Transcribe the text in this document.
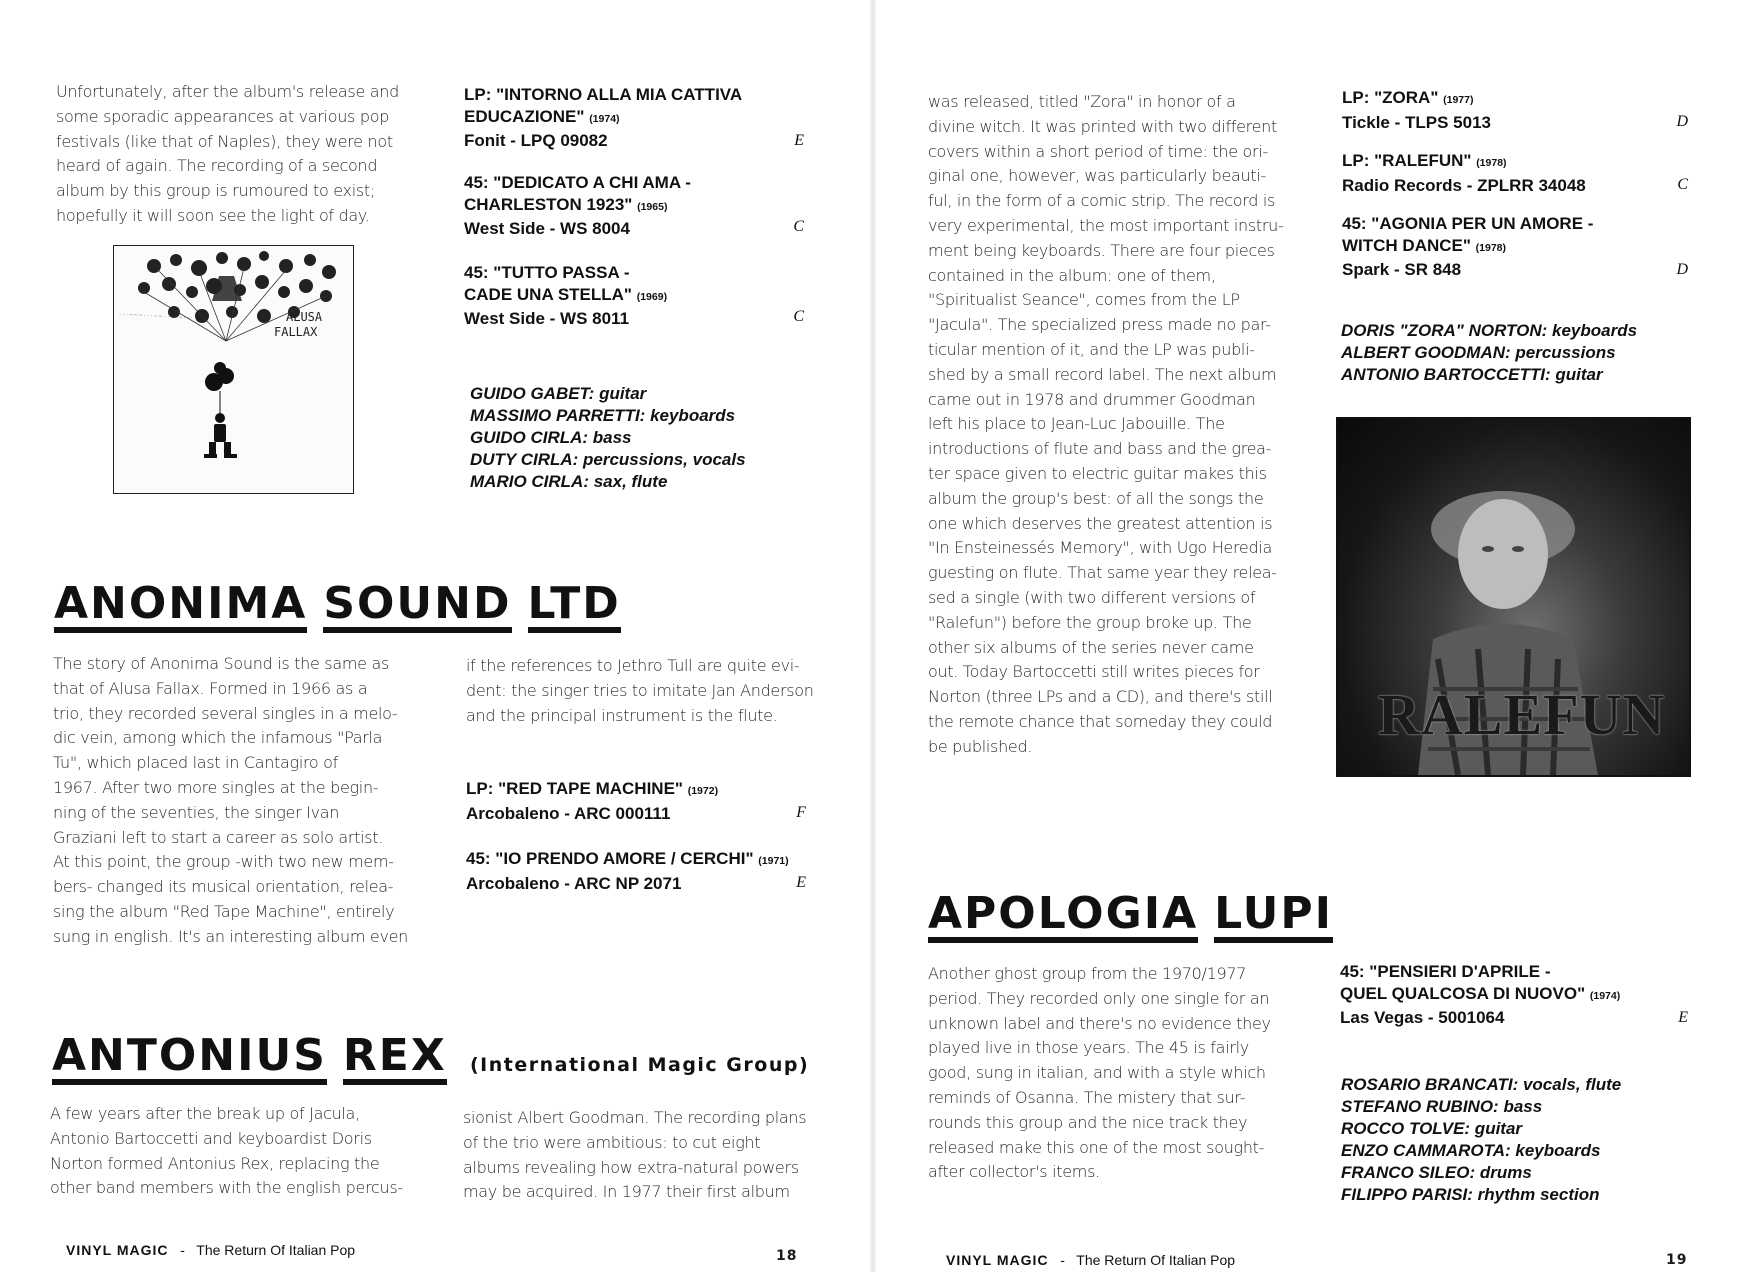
Unfortunately, after the album's release and

some sporadic appearances at various pop

festivals (like that of Naples), they were not

heard of again. The recording of a second

album by this group is rumoured to exist;

hopefully it will soon see the light of day.

· · · ~ ~ ~ · · · ~ ~ · · · ~ ~ · · ·	ALUSA
FALLAX
LP: "INTORNO ALLA MIA CATTIVA
EDUCAZIONE" (1974)
Fonit - LPQ 09082	E
45: "DEDICATO A CHI AMA -
CHARLESTON 1923" (1965)
West Side - WS 8004	C
45: "TUTTO PASSA -
CADE UNA STELLA" (1969)
West Side - WS 8011	C
GUIDO GABET: guitar
MASSIMO PARRETTI: keyboards
GUIDO CIRLA: bass
DUTY CIRLA: percussions, vocals
MARIO CIRLA: sax, flute
ANONIMA SOUND LTD

The story of Anonima Sound is the same as

that of Alusa Fallax. Formed in 1966 as a

trio, they recorded several singles in a melo-

dic vein, among which the infamous "Parla

Tu", which placed last in Cantagiro of

1967. After two more singles at the begin-

ning of the seventies, the singer Ivan

Graziani left to start a career as solo artist.

At this point, the group -with two new mem-

bers- changed its musical orientation, relea-

sing the album "Red Tape Machine", entirely

sung in english. It's an interesting album even

if the references to Jethro Tull are quite evi-

dent: the singer tries to imitate Jan Anderson

and the principal instrument is the flute.

LP: "RED TAPE MACHINE" (1972)
Arcobaleno - ARC 000111	F
45: "IO PRENDO AMORE / CERCHI" (1971)
Arcobaleno - ARC NP 2071	E
ANTONIUS REX	(International Magic Group)

A few years after the break up of Jacula,

Antonio Bartoccetti and keyboardist Doris

Norton formed Antonius Rex, replacing the

other band members with the english percus-

sionist Albert Goodman. The recording plans

of the trio were ambitious: to cut eight

albums revealing how extra-natural powers

may be acquired. In 1977 their first album

VINYL MAGIC - The Return Of Italian Pop	18

was released, titled "Zora" in honor of a

divine witch. It was printed with two different

covers within a short period of time: the ori-

ginal one, however, was particularly beauti-

ful, in the form of a comic strip. The record is

very experimental, the most important instru-

ment being keyboards. There are four pieces

contained in the album: one of them,

"Spiritualist Seance", comes from the LP

"Jacula". The specialized press made no par-

ticular mention of it, and the LP was publi-

shed by a small record label. The next album

came out in 1978 and drummer Goodman

left his place to Jean-Luc Jabouille. The

introductions of flute and bass and the grea-

ter space given to electric guitar makes this

album the group's best: of all the songs the

one which deserves the greatest attention is

"In Ensteinessés Memory", with Ugo Heredia

guesting on flute. That same year they relea-

sed a single (with two different versions of

"Ralefun") before the group broke up. The

other six albums of the series never came

out. Today Bartoccetti still writes pieces for

Norton (three LPs and a CD), and there's still

the remote chance that someday they could

be published.

LP: "ZORA" (1977)
Tickle - TLPS 5013	D
LP: "RALEFUN" (1978)
Radio Records - ZPLRR 34048	C
45: "AGONIA PER UN AMORE -
WITCH DANCE" (1978)
Spark - SR 848	D
DORIS "ZORA" NORTON: keyboards
ALBERT GOODMAN: percussions
ANTONIO BARTOCCETTI: guitar
RALEFUN
APOLOGIA LUPI

Another ghost group from the 1970/1977

period. They recorded only one single for an

unknown label and there's no evidence they

played live in those years. The 45 is fairly

good, sung in italian, and with a style which

reminds of Osanna. The mistery that sur-

rounds this group and the nice track they

released make this one of the most sought-

after collector's items.

45: "PENSIERI D'APRILE -
QUEL QUALCOSA DI NUOVO" (1974)
Las Vegas - 5001064	E
ROSARIO BRANCATI: vocals, flute
STEFANO RUBINO: bass
ROCCO TOLVE: guitar
ENZO CAMMAROTA: keyboards
FRANCO SILEO: drums
FILIPPO PARISI: rhythm section
VINYL MAGIC - The Return Of Italian Pop	19
